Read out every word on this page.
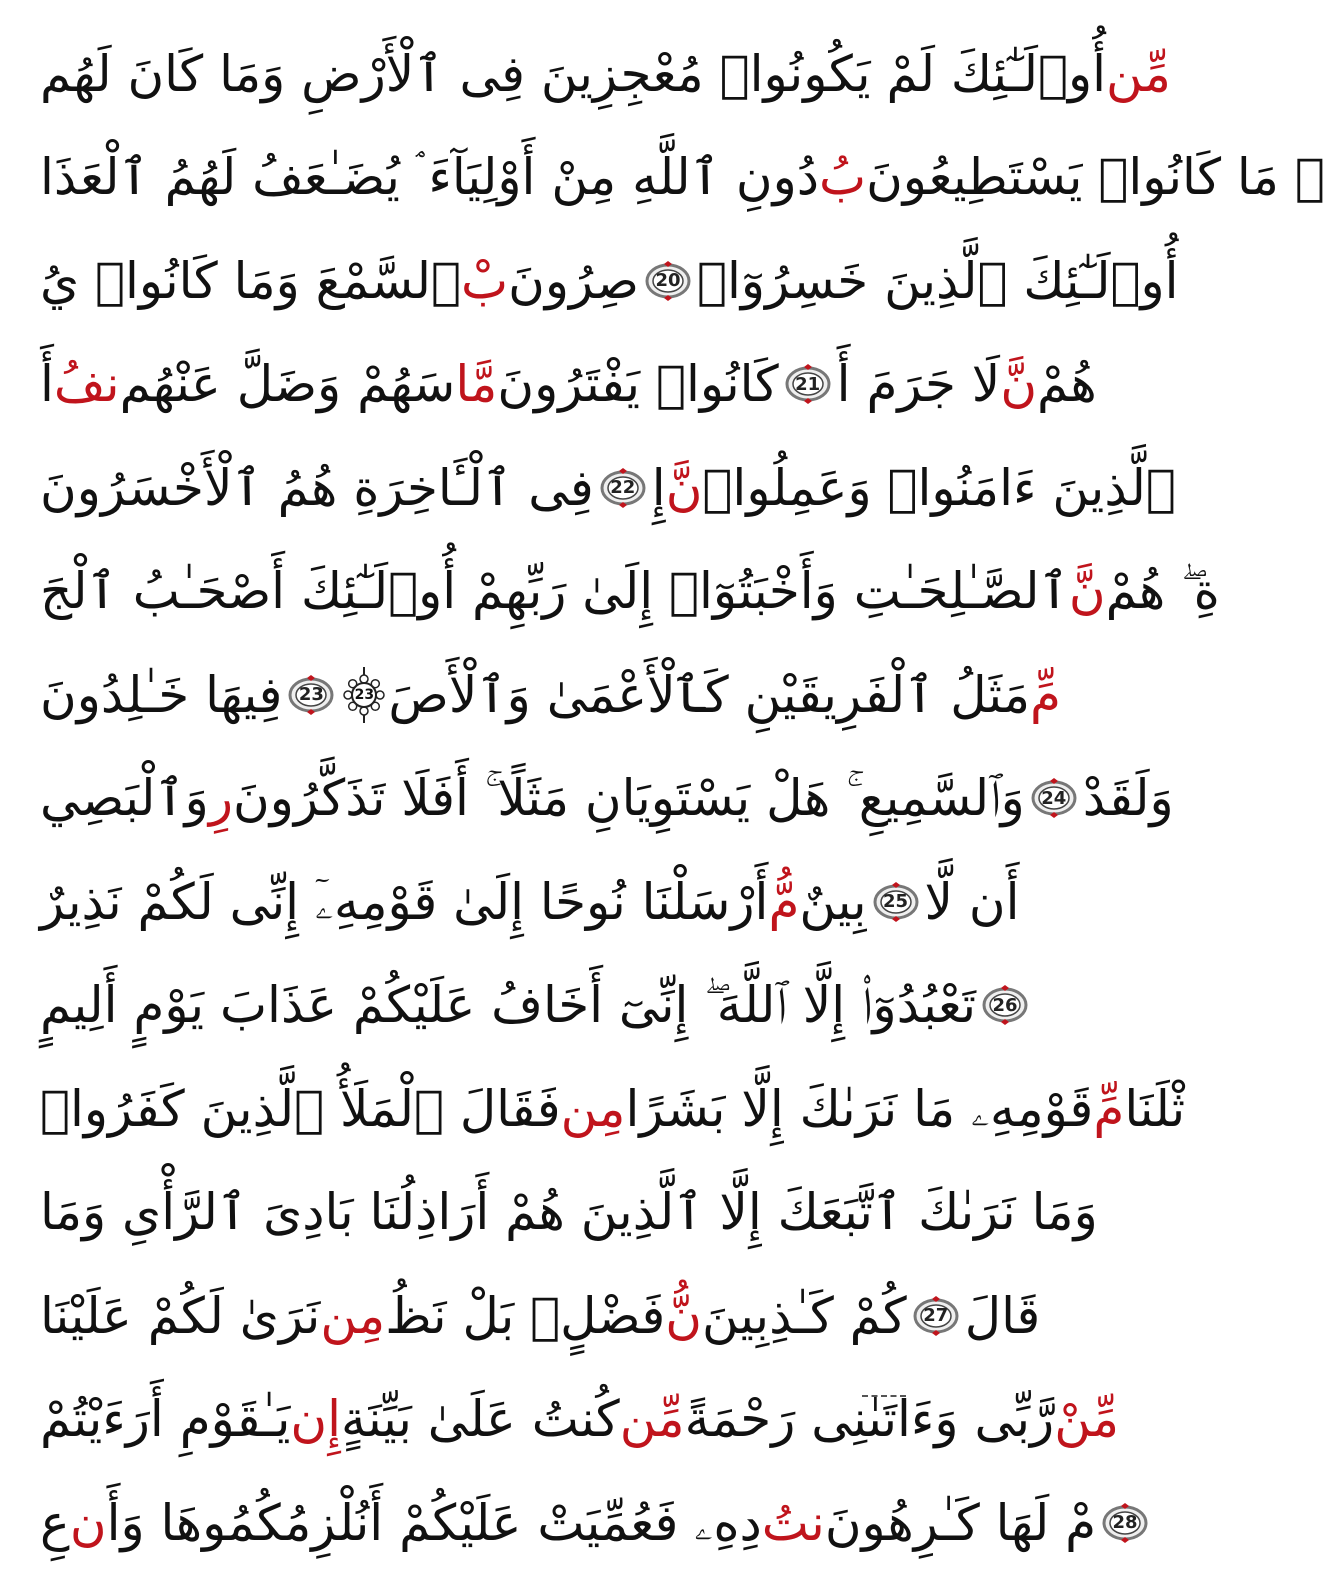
أُو۟لَـٰٓئِكَ لَمْ يَكُونُوا۟ مُعْجِزِينَ فِى ٱلْأَرْضِ وَمَا كَانَ لَهُم مِّن
دُونِ ٱللَّهِ مِنْ أَوْلِيَآءَ ۘ يُضَـٰعَفُ لَهُمُ ٱلْعَذَا بُ ۚ مَا كَانُوا۟ يَسْتَطِيعُونَ
ٱلسَّمْعَ وَمَا كَانُوا۟ يُ بْ صِرُونَ 20 أُو۟لَـٰٓئِكَ ٱلَّذِينَ خَسِرُوٓا۟
أَ نفُ سَهُمْ وَضَلَّ عَنْهُم مَّا كَانُوا۟ يَفْتَرُونَ 21 لَا جَرَمَ أَ نَّ هُمْ
فِى ٱلْـَٔاخِرَةِ هُمُ ٱلْأَخْسَرُونَ 22 إِ نَّ ٱلَّذِينَ ءَامَنُوا۟ وَعَمِلُوا۟
ٱلصَّـٰلِحَـٰتِ وَأَخْبَتُوٓا۟ إِلَىٰ رَبِّهِمْ أُو۟لَـٰٓئِكَ أَصْحَـٰبُ ٱلْجَ نَّ ةِ ۖ هُمْ
فِيهَا خَـٰلِدُونَ 23 23 مَثَلُ ٱلْفَرِيقَيْنِ كَٱلْأَعْمَىٰ وَٱلْأَصَ مِّ
وَٱلْبَصِي رِ وَٱلسَّمِيعِ ۚ هَلْ يَسْتَوِيَانِ مَثَلًا ۚ أَفَلَا تَذَكَّرُونَ 24 وَلَقَدْ
أَرْسَلْنَا نُوحًا إِلَىٰ قَوْمِهِۦٓ إِنِّى لَكُمْ نَذِيرٌ مُّ بِينٌ 25 أَن لَّا
تَعْبُدُوٓا۟ إِلَّا ٱللَّهَ ۖ إِنِّىٓ أَخَافُ عَلَيْكُمْ عَذَابَ يَوْمٍ أَلِيمٍ 26
فَقَالَ ٱلْمَلَأُ ٱلَّذِينَ كَفَرُوا۟ مِن قَوْمِهِۦ مَا نَرَىٰكَ إِلَّا بَشَرًا مِّ ثْلَنَا
وَمَا نَرَىٰكَ ٱتَّبَعَكَ إِلَّا ٱلَّذِينَ هُمْ أَرَاذِلُنَا بَادِىَ ٱلرَّأْىِ وَمَا
نَرَىٰ لَكُمْ عَلَيْنَا مِن فَضْلٍۭ بَلْ نَظُ نُّ كُمْ كَـٰذِبِينَ 27 قَالَ
يَـٰقَوْمِ أَرَءَيْتُمْ إِن كُنتُ عَلَىٰ بَيِّنَةٍ مِّن رَّبِّى وَءَاتَىٰنِى رَحْمَةً مِّنْ
عِ ن دِهِۦ فَعُمِّيَتْ عَلَيْكُمْ أَنُلْزِمُكُمُوهَا وَأَ نتُ مْ لَهَا كَـٰرِهُونَ 28
